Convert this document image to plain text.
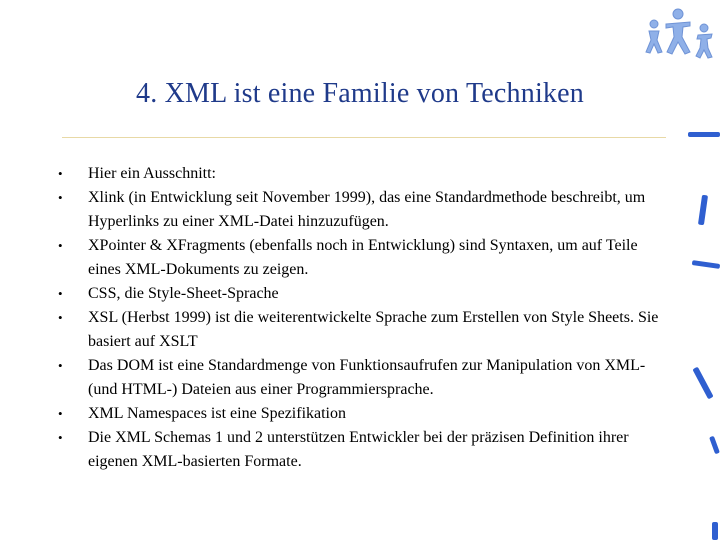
4. XML ist eine Familie von Techniken
• Hier ein Ausschnitt:
• Xlink (in Entwicklung seit November 1999), das eine Standardmethode beschreibt, um Hyperlinks zu einer XML-Datei hinzuzufügen.
• XPointer & XFragments (ebenfalls noch in Entwicklung) sind Syntaxen, um auf Teile eines XML-Dokuments zu zeigen.
• CSS, die Style-Sheet-Sprache
• XSL (Herbst 1999) ist die weiterentwickelte Sprache zum Erstellen von Style Sheets. Sie basiert auf XSLT
• Das DOM ist eine Standardmenge von Funktionsaufrufen zur Manipulation von XML- (und HTML-) Dateien aus einer Programmiersprache.
• XML Namespaces ist eine Spezifikation
• Die XML Schemas 1 und 2 unterstützen Entwickler bei der präzisen Definition ihrer eigenen XML-basierten Formate.
